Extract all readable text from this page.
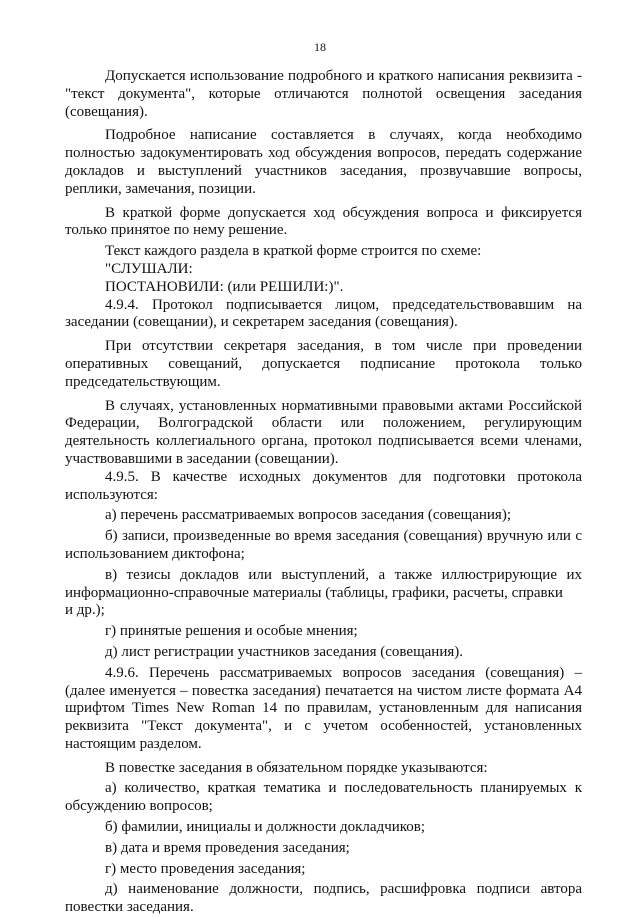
18

Допускается использование подробного и краткого написания реквизита - "текст документа", которые отличаются полнотой освещения заседания (совещания).

Подробное написание составляется в случаях, когда необходимо полностью задокументировать ход обсуждения вопросов, передать содержание докладов и выступлений участников заседания, прозвучавшие вопросы, реплики, замечания, позиции.

В краткой форме допускается ход обсуждения вопроса и фиксируется только принятое по нему решение.

Текст каждого раздела в краткой форме строится по схеме:

"СЛУШАЛИ:

ПОСТАНОВИЛИ: (или РЕШИЛИ:)".

4.9.4. Протокол подписывается лицом, председательствовавшим на заседании (совещании), и секретарем заседания (совещания).

При отсутствии секретаря заседания, в том числе при проведении оперативных совещаний, допускается подписание протокола только председательствующим.

В случаях, установленных нормативными правовыми актами Российской Федерации, Волгоградской области или положением, регулирующим деятельность коллегиального органа, протокол подписывается всеми членами, участвовавшими в заседании (совещании).

4.9.5. В качестве исходных документов для подготовки протокола используются:

а) перечень рассматриваемых вопросов заседания (совещания);

б) записи, произведенные во время заседания (совещания) вручную или с использованием диктофона;

в) тезисы докладов или выступлений, а также иллюстрирующие их информационно-справочные материалы (таблицы, графики, расчеты, справки

и др.);

г) принятые решения и особые мнения;

д) лист регистрации участников заседания (совещания).

4.9.6. Перечень рассматриваемых вопросов заседания (совещания) – (далее именуется – повестка заседания) печатается на чистом листе формата А4 шрифтом Times New Roman 14 по правилам, установленным для написания реквизита "Текст документа", и с учетом особенностей, установленных настоящим разделом.

В повестке заседания в обязательном порядке указываются:

а) количество, краткая тематика и последовательность планируемых к обсуждению вопросов;

б) фамилии, инициалы и должности докладчиков;

в) дата и время проведения заседания;

г) место проведения заседания;

д) наименование должности, подпись, расшифровка подписи автора повестки заседания.
